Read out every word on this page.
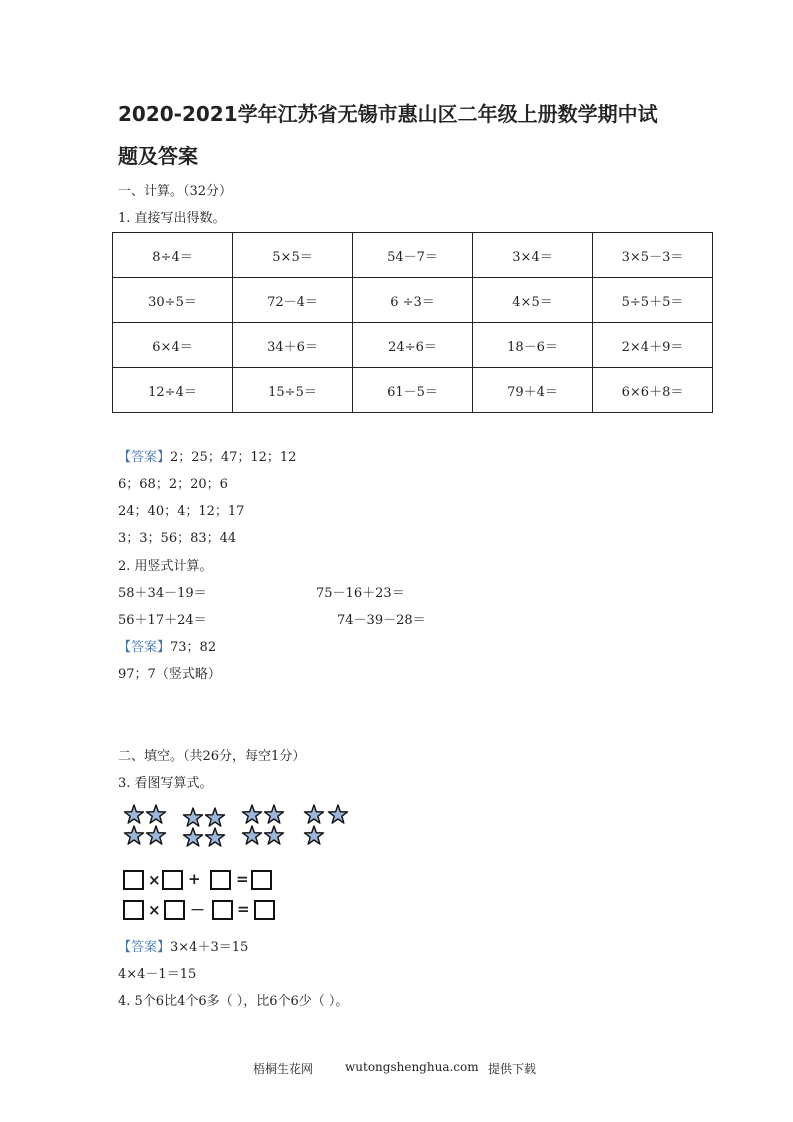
2020-2021学年江苏省无锡市惠山区二年级上册数学期中试
题及答案
一、计算。（32分）
1. 直接写出得数。
8÷4＝	5×5＝	54－7＝	3×4＝	3×5－3＝
30÷5＝	72－4＝	6 ÷3＝	4×5＝	5÷5＋5＝
6×4＝	34＋6＝	24÷6＝	18－6＝	2×4＋9＝
12÷4＝	15÷5＝	61－5＝	79＋4＝	6×6＋8＝
【答案】2；25；47；12；12
6；68；2；20；6
24；40；4；12；17
3；3；56；83；44
2. 用竖式计算。
58＋34－19＝	75－16＋23＝
56＋17＋24＝	74－39－28＝
【答案】73；82
97；7（竖式略）
二、填空。（共26分，每空1分）
3. 看图写算式。
× + =
× － =
【答案】3×4＋3＝15
4×4－1＝15
4. 5个6比4个6多（ ），比6个6少（ ）。
梧桐生花网	wutongshenghua.com 提供下载
